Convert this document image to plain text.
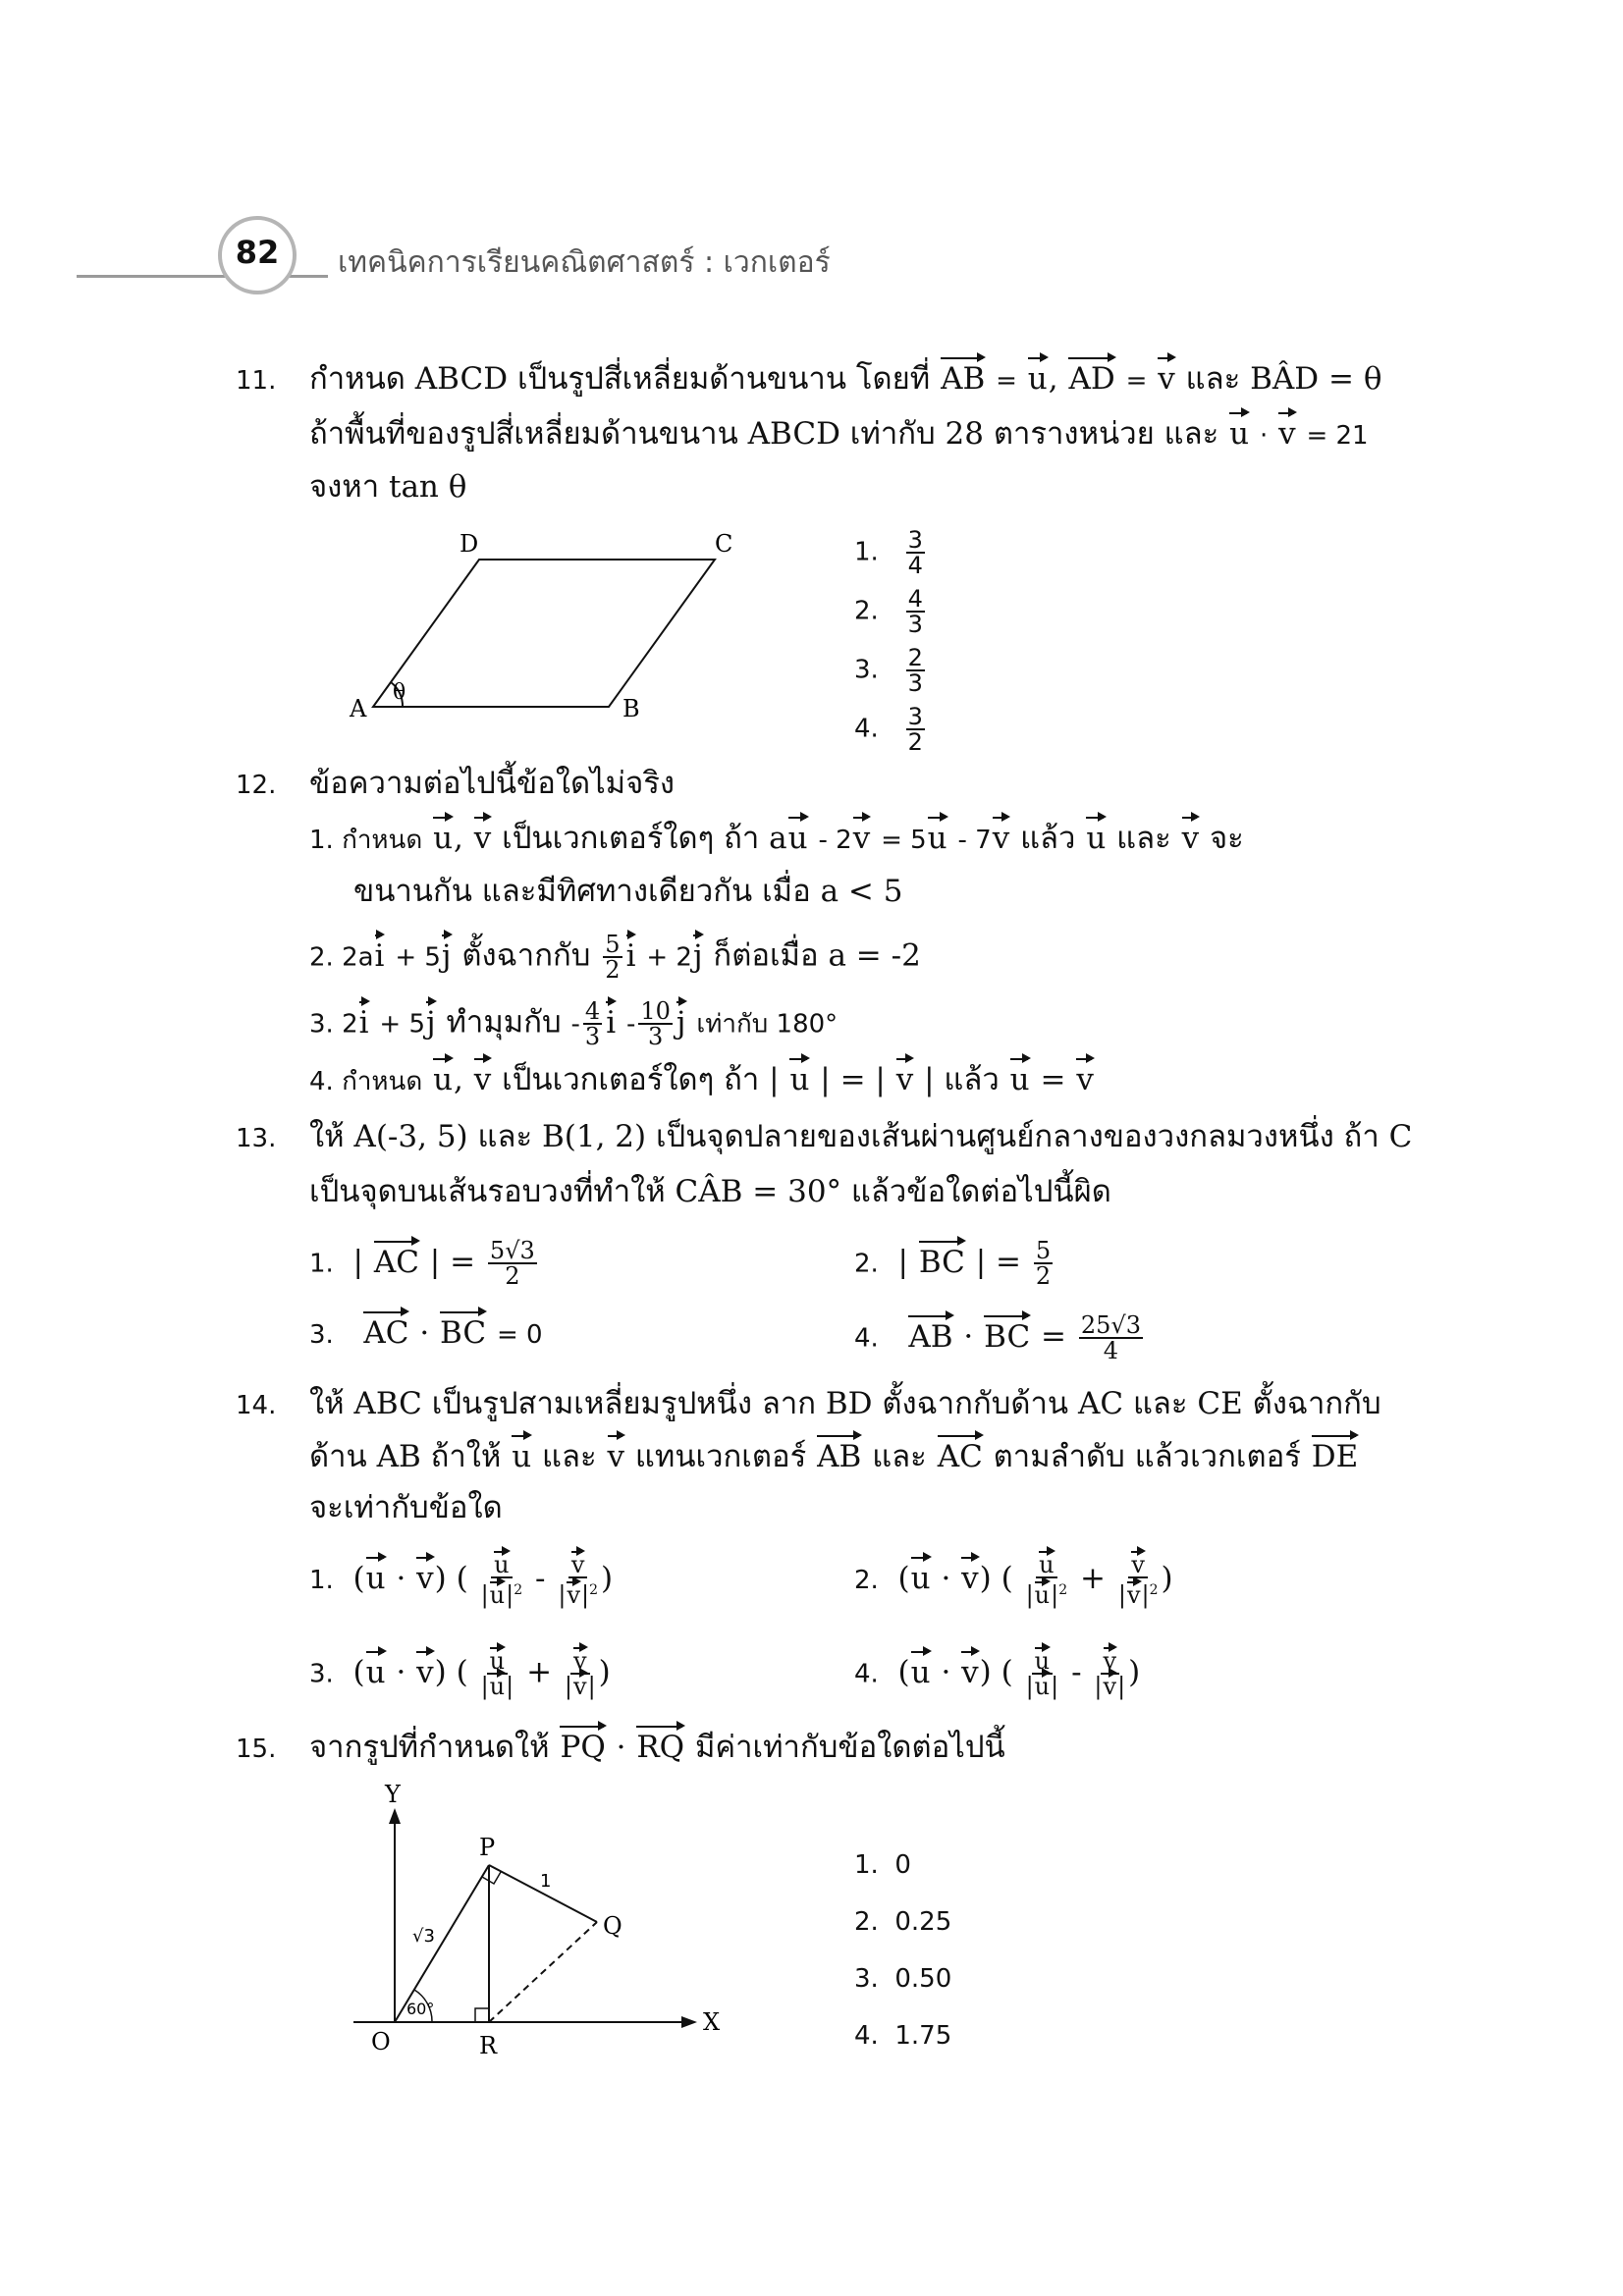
82	เทคนิคการเรียนคณิตศาสตร์ : เวกเตอร์
11. กำหนด ABCD เป็นรูปสี่เหลี่ยมด้านขนาน โดยที่ AB = u, AD = v และ BÂD = θ
ถ้าพื้นที่ของรูปสี่เหลี่ยมด้านขนาน ABCD เท่ากับ 28 ตารางหน่วย และ u · v = 21
จงหา tan θ
D	C
A	B
θ
1. $\frac{3}{4}$
2. $\frac{4}{3}$
3. $\frac{2}{3}$
4. $\frac{3}{2}$
12. ข้อความต่อไปนี้ข้อใดไม่จริง
1. กำหนด u, v เป็นเวกเตอร์ใดๆ ถ้า au - 2v = 5u - 7v แล้ว u และ v จะ
ขนานกัน และมีทิศทางเดียวกัน เมื่อ a < 5
2. 2ai + 5j ตั้งฉากกับ $\frac{5}{2}$ i + 2j ก็ต่อเมื่อ a = -2
3. 2i + 5j ทำมุมกับ - $\frac{4}{3}$ i - $\frac{10}{3}$ j เท่ากับ 180°
4. กำหนด u, v เป็นเวกเตอร์ใดๆ ถ้า | u | = | v | แล้ว u = v
13. ให้ A(-3, 5) และ B(1, 2) เป็นจุดปลายของเส้นผ่านศูนย์กลางของวงกลมวงหนึ่ง ถ้า C
เป็นจุดบนเส้นรอบวงที่ทำให้ CÂB = 30° แล้วข้อใดต่อไปนี้ผิด
1.  | AC | = $\frac{5√3}{2}$	2.  | BC | = $\frac{5}{2}$
3. AC · BC = 0	4. AB · BC = $\frac{25√3}{4}$
14. ให้ ABC เป็นรูปสามเหลี่ยมรูปหนึ่ง ลาก BD ตั้งฉากกับด้าน AC และ CE ตั้งฉากกับ
ด้าน AB ถ้าให้ u และ v แทนเวกเตอร์ AB และ AC ตามลำดับ แล้วเวกเตอร์ DE
จะเท่ากับข้อใด
1.  (u · v) ( $\frac{u}{|u|^2} - \frac{v}{|v|^2}$ )	2.  (u · v) ( $\frac{u}{|u|^2} + \frac{v}{|v|^2}$ )
3.  (u · v) ( $\frac{u}{|u|} + \frac{v}{|v|}$ )	4.  (u · v) ( $\frac{u}{|u|} - \frac{v}{|v|}$ )
15. จากรูปที่กำหนดให้ PQ · RQ มีค่าเท่ากับข้อใดต่อไปนี้
Y
X
O	R
P
Q
1
√3
60°
1. 0
2. 0.25
3. 0.50
4. 1.75
